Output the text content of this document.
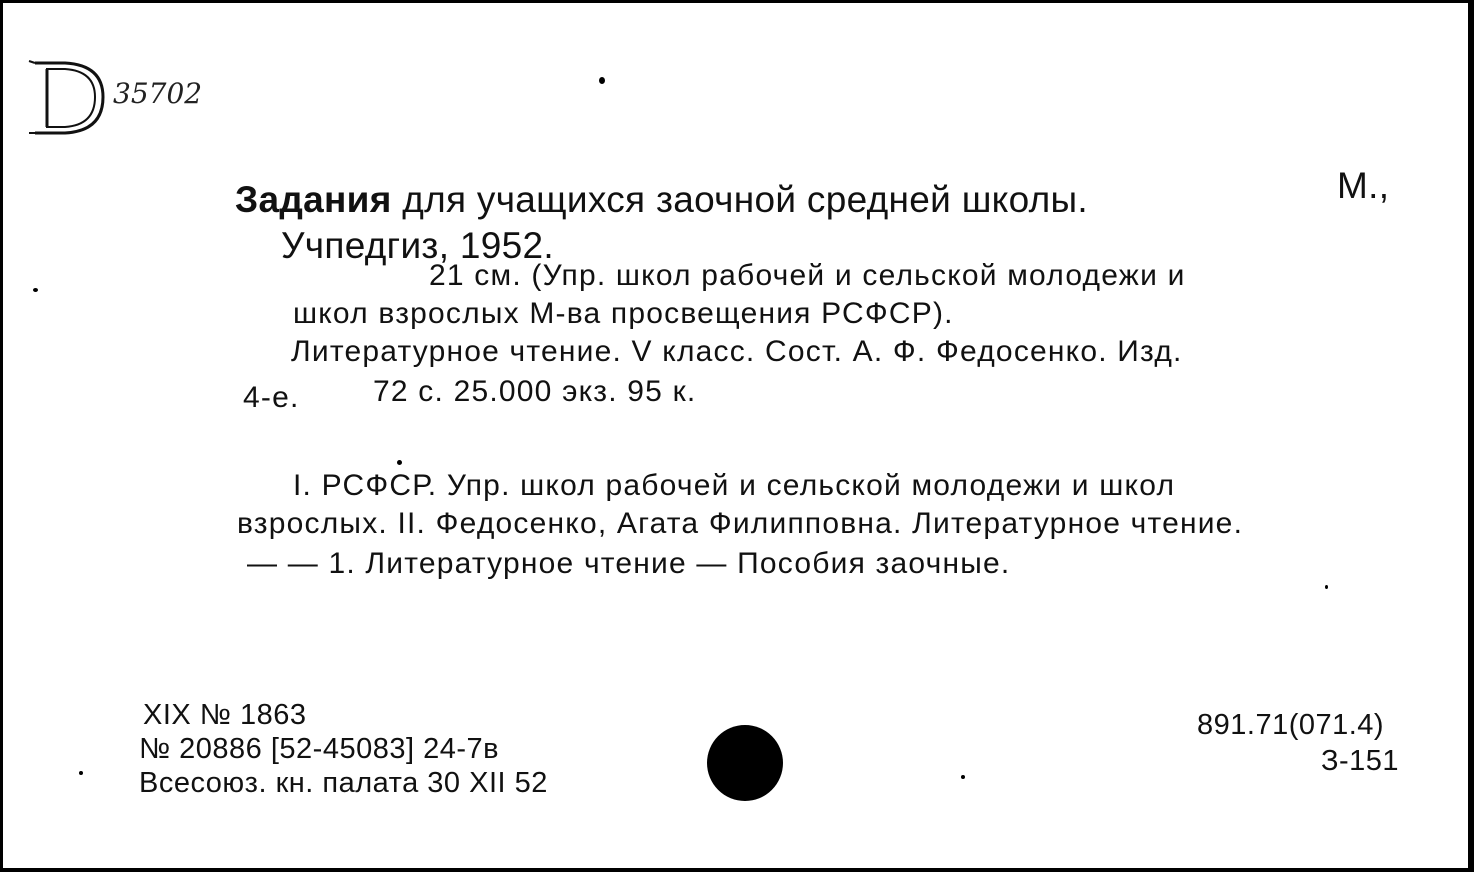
35702

Задания для учащихся заочной средней школы.	М.,

Учпедгиз, 1952.

21 см. (Упр. школ рабочей и сельской молодежи и

школ взрослых М-ва просвещения РСФСР).

Литературное чтение. V класс. Сост. А. Ф. Федосенко. Изд.

4-е. 72 с. 25.000 экз. 95 к.

I. РСФСР. Упр. школ рабочей и сельской молодежи и школ

взрослых. II. Федосенко, Агата Филипповна. Литературное чтение.

— — 1. Литературное чтение — Пособия заочные.

XIX № 1863

№ 20886 [52-45083] 24-7в

Всесоюз. кн. палата 30 XII 52

891.71(071.4)

З-151
